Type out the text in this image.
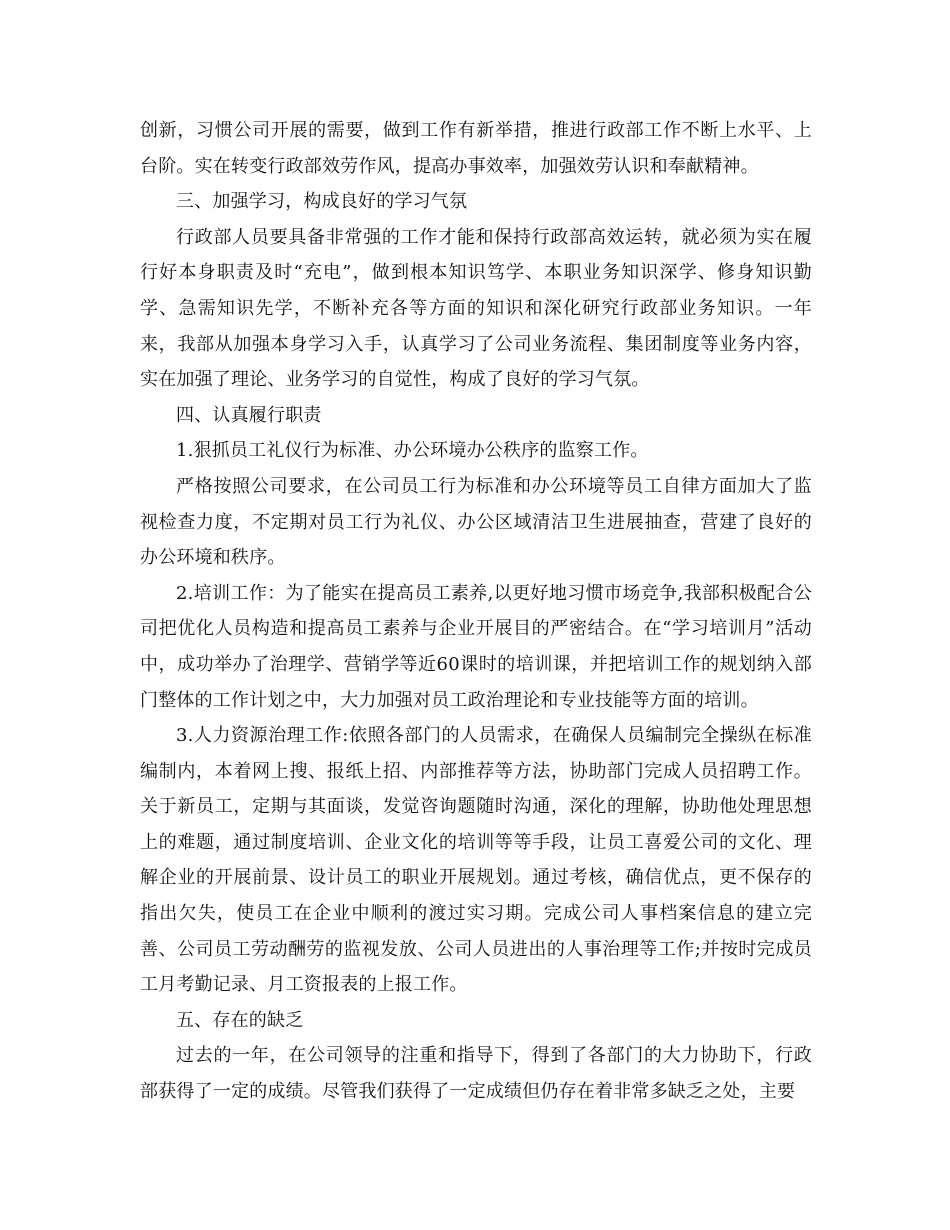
创新，习惯公司开展的需要，做到工作有新举措，推进行政部工作不断上水平、上台阶。实在转变行政部效劳作风，提高办事效率，加强效劳认识和奉献精神。

三、加强学习，构成良好的学习气氛

行政部人员要具备非常强的工作才能和保持行政部高效运转，就必须为实在履行好本身职责及时“充电”，做到根本知识笃学、本职业务知识深学、修身知识勤学、急需知识先学，不断补充各等方面的知识和深化研究行政部业务知识。一年来，我部从加强本身学习入手，认真学习了公司业务流程、集团制度等业务内容，实在加强了理论、业务学习的自觉性，构成了良好的学习气氛。

四、认真履行职责

1.狠抓员工礼仪行为标准、办公环境办公秩序的监察工作。

严格按照公司要求，在公司员工行为标准和办公环境等员工自律方面加大了监视检查力度，不定期对员工行为礼仪、办公区域清洁卫生进展抽查，营建了良好的办公环境和秩序。

2.培训工作：为了能实在提高员工素养,以更好地习惯市场竞争,我部积极配合公司把优化人员构造和提高员工素养与企业开展目的严密结合。在“学习培训月”活动中，成功举办了治理学、营销学等近60课时的培训课，并把培训工作的规划纳入部门整体的工作计划之中，大力加强对员工政治理论和专业技能等方面的培训。

3.人力资源治理工作:依照各部门的人员需求，在确保人员编制完全操纵在标准编制内，本着网上搜、报纸上招、内部推荐等方法，协助部门完成人员招聘工作。关于新员工，定期与其面谈，发觉咨询题随时沟通，深化的理解，协助他处理思想上的难题，通过制度培训、企业文化的培训等等手段，让员工喜爱公司的文化、理解企业的开展前景、设计员工的职业开展规划。通过考核，确信优点，更不保存的指出欠失，使员工在企业中顺利的渡过实习期。完成公司人事档案信息的建立完善、公司员工劳动酬劳的监视发放、公司人员进出的人事治理等工作;并按时完成员工月考勤记录、月工资报表的上报工作。

五、存在的缺乏

过去的一年，在公司领导的注重和指导下，得到了各部门的大力协助下，行政部获得了一定的成绩。尽管我们获得了一定成绩但仍存在着非常多缺乏之处，主要
